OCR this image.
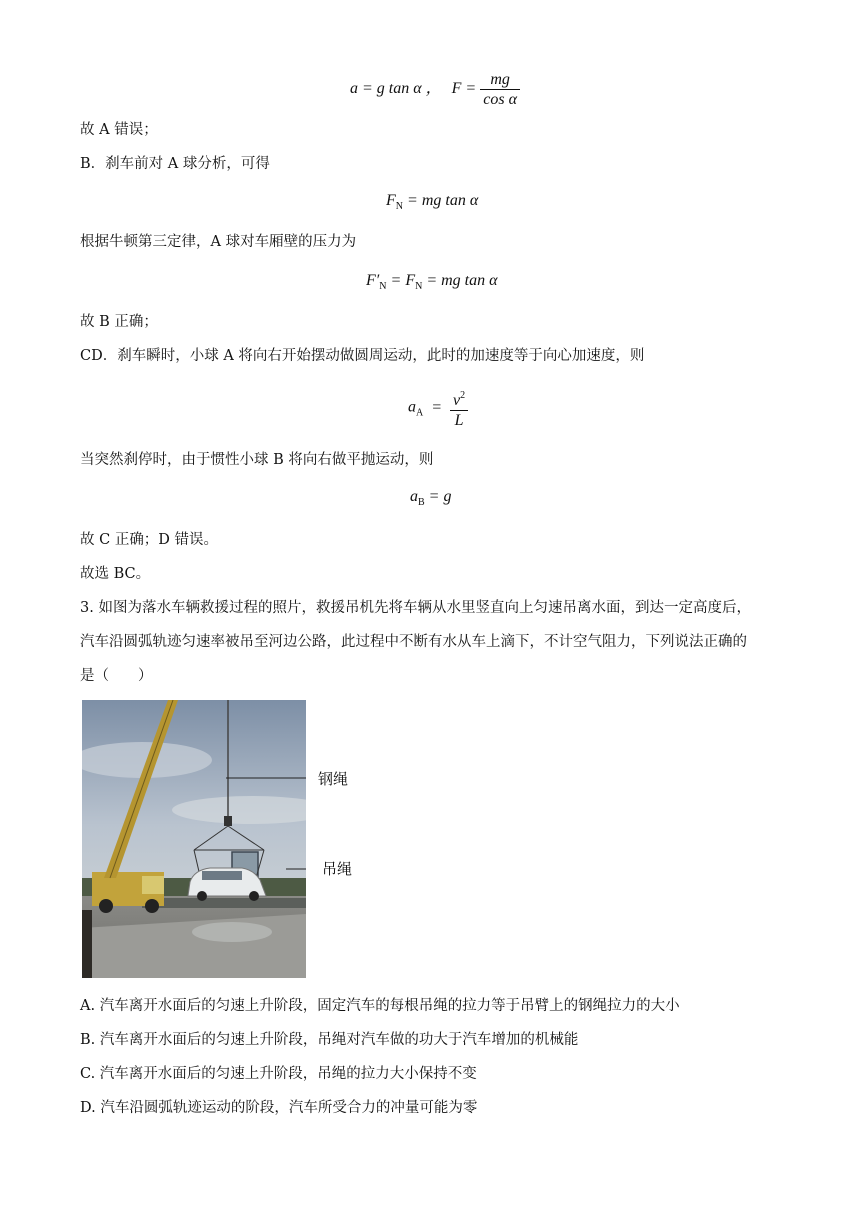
a = g tan α ， $F = \frac{mg}{\text{cos α}}$
故 A 错误；
B．刹车前对 A 球分析，可得
$F_N$ = mg tan α
根据牛顿第三定律，A 球对车厢壁的压力为
$F'_N = F_N$ = mg tan α
故 B 正确；
CD．刹车瞬时，小球 A 将向右开始摆动做圆周运动，此时的加速度等于向心加速度，则
$a_A = \frac{v^2}{L}$
当突然刹停时，由于惯性小球 B 将向右做平抛运动，则
$a_B = g$
故 C 正确；D 错误。
故选 BC。
3. 如图为落水车辆救援过程的照片，救援吊机先将车辆从水里竖直向上匀速吊离水面，到达一定高度后，
汽车沿圆弧轨迹匀速率被吊至河边公路，此过程中不断有水从车上滴下，不计空气阻力，下列说法正确的
是（　　）
钢绳
吊绳
A. 汽车离开水面后的匀速上升阶段，固定汽车的每根吊绳的拉力等于吊臂上的钢绳拉力的大小
B. 汽车离开水面后的匀速上升阶段，吊绳对汽车做的功大于汽车增加的机械能
C. 汽车离开水面后的匀速上升阶段，吊绳的拉力大小保持不变
D. 汽车沿圆弧轨迹运动的阶段，汽车所受合力的冲量可能为零
